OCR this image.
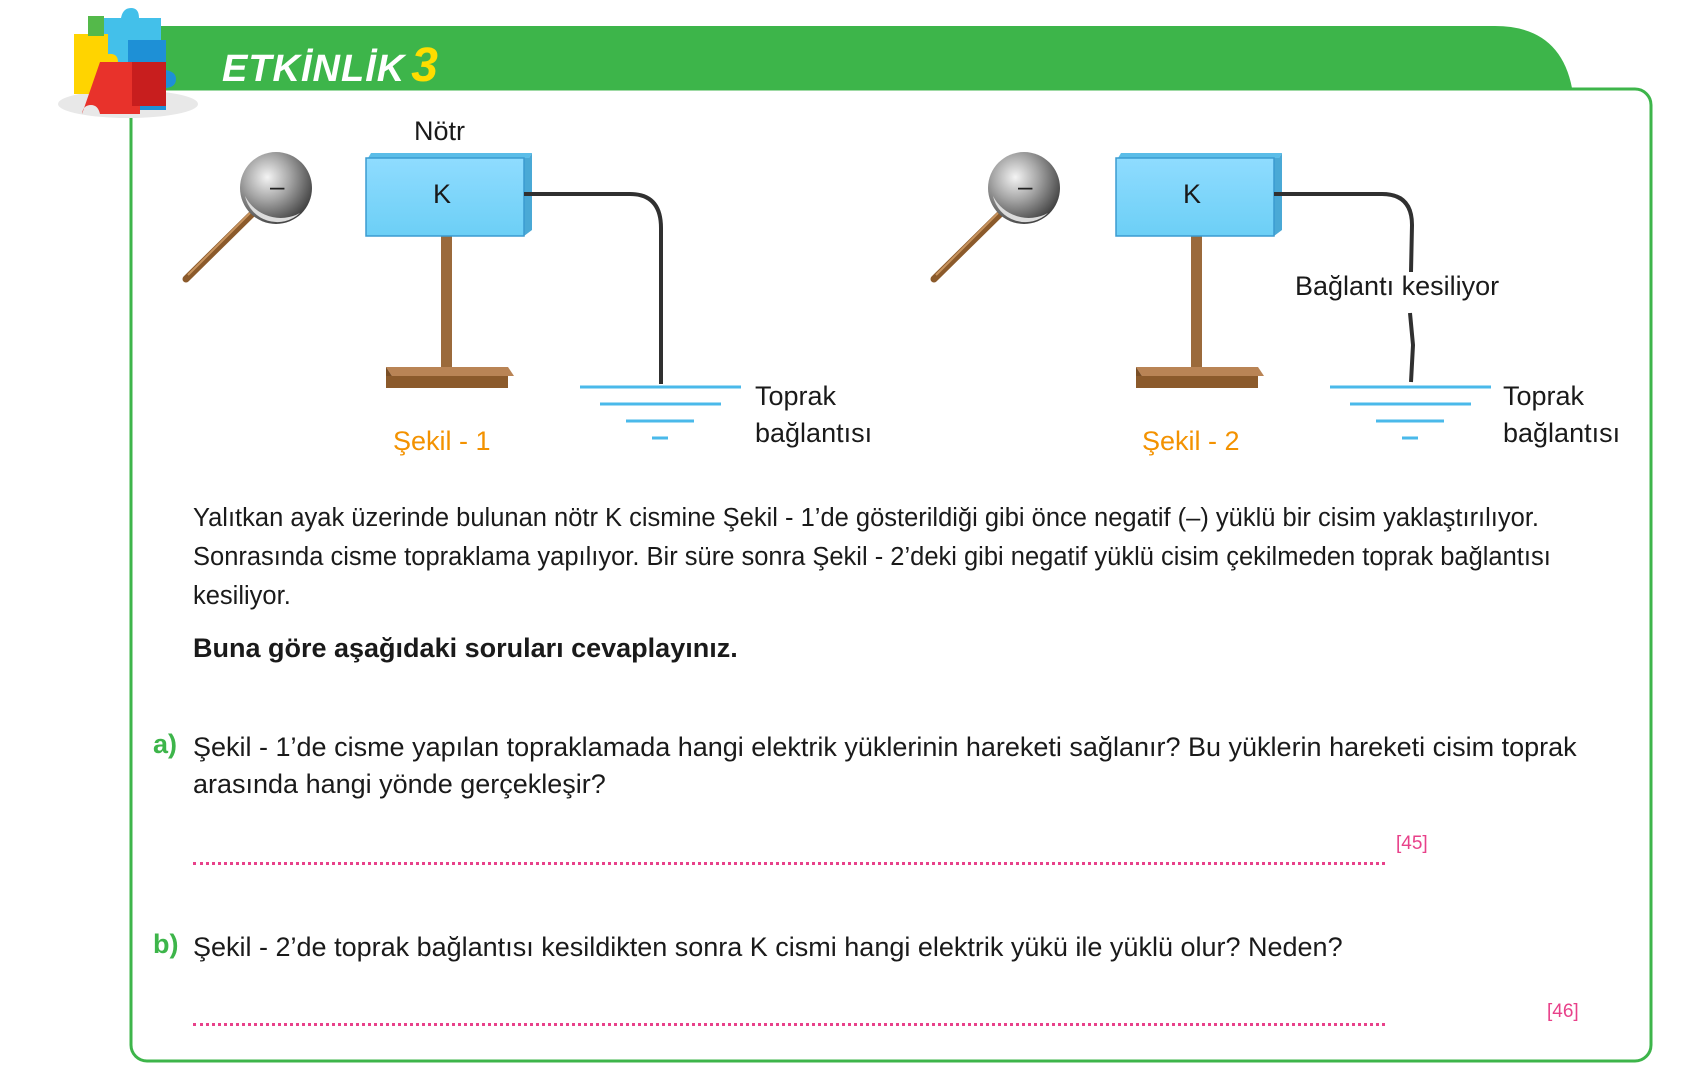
ETKİNLİK 3
Nötr
–	K
Şekil - 1
Toprak
bağlantısı
–	K
Bağlantı kesiliyor
Şekil - 2
Toprak
bağlantısı
Yalıtkan ayak üzerinde bulunan nötr K cismine Şekil - 1’de gösterildiği gibi önce negatif (–) yüklü bir cisim yaklaştırılıyor. Sonrasında cisme topraklama yapılıyor. Bir süre sonra Şekil - 2’deki gibi negatif yüklü cisim çekilmeden toprak bağlantısı kesiliyor.
Buna göre aşağıdaki soruları cevaplayınız.
a) Şekil - 1’de cisme yapılan topraklamada hangi elektrik yüklerinin hareketi sağlanır? Bu yüklerin hareketi cisim toprak arasında hangi yönde gerçekleşir?
[45]
b) Şekil - 2’de toprak bağlantısı kesildikten sonra K cismi hangi elektrik yükü ile yüklü olur? Neden?
[46]
